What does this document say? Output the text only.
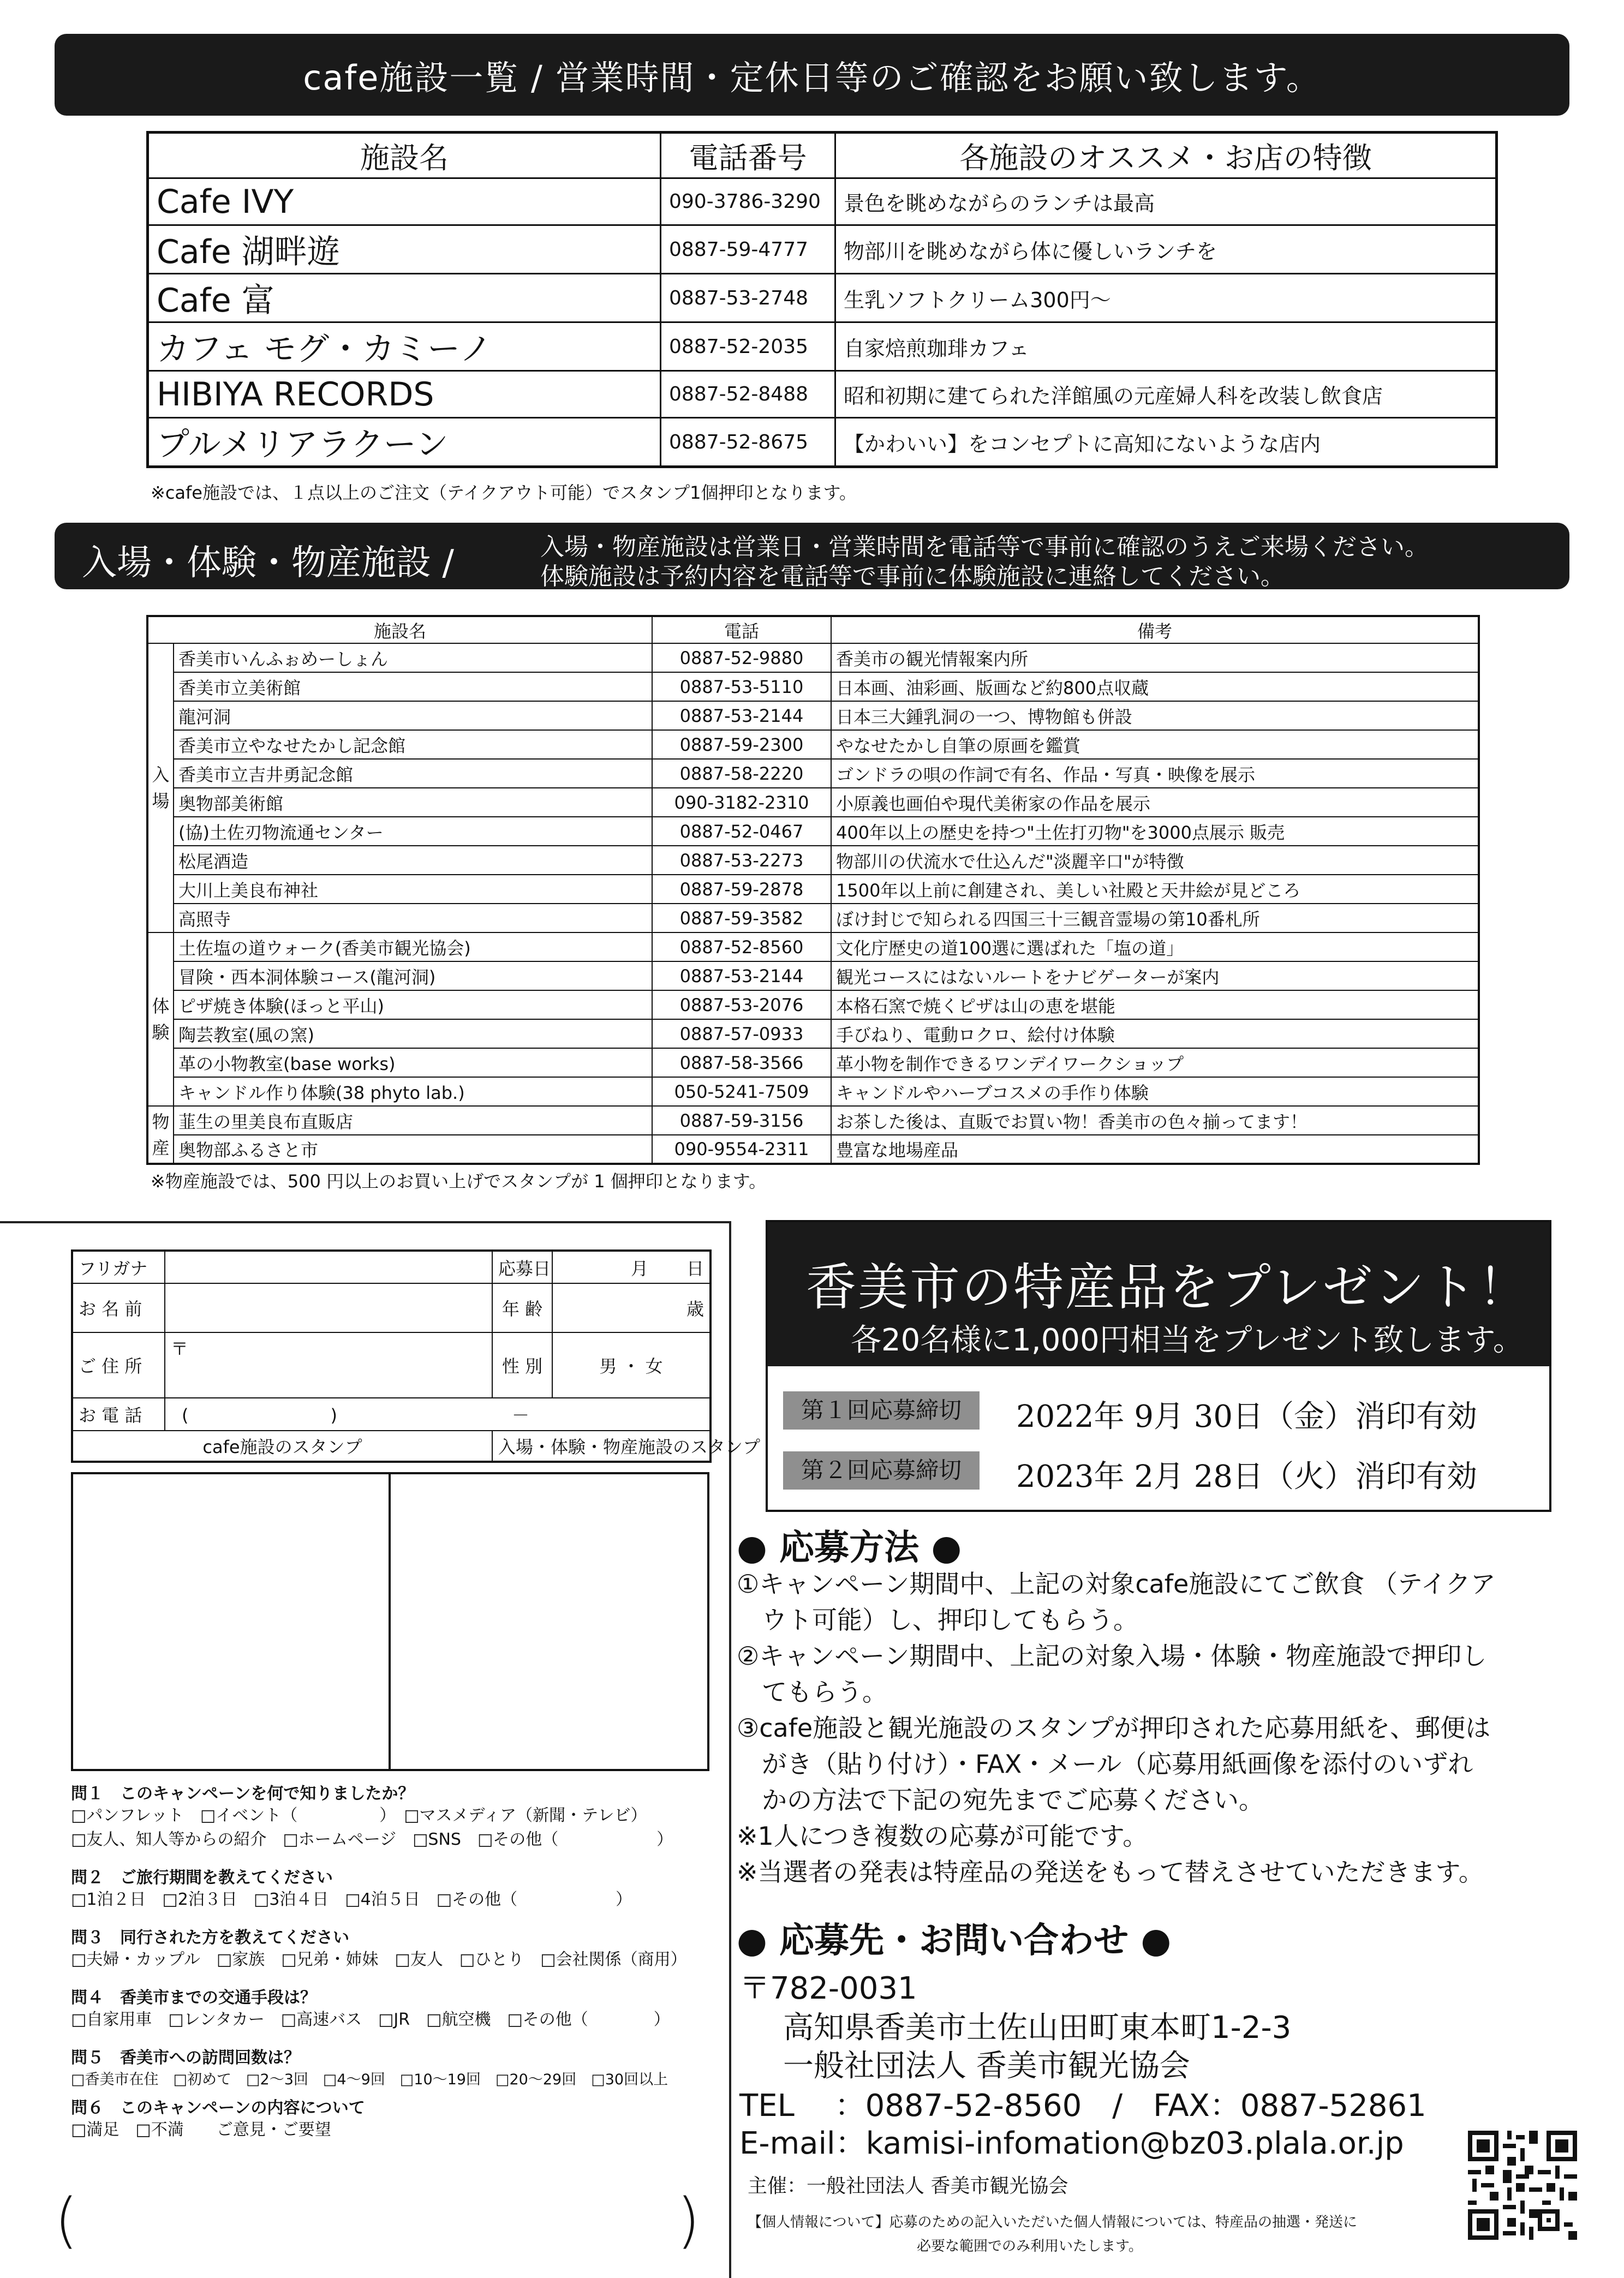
cafe施設一覧 / 営業時間・定休日等のご確認をお願い致します。
施設名	電話番号	各施設のオススメ・お店の特徴
Cafe IVY	090-3786-3290	景色を眺めながらのランチは最高
Cafe 湖畔遊	0887-59-4777	物部川を眺めながら体に優しいランチを
Cafe 富	0887-53-2748	生乳ソフトクリーム300円～
カフェ モグ・カミーノ	0887-52-2035	自家焙煎珈琲カフェ
HIBIYA RECORDS	0887-52-8488	昭和初期に建てられた洋館風の元産婦人科を改装し飲食店
プルメリアラクーン	0887-52-8675	【かわいい】をコンセプトに高知にないような店内
※cafe施設では、１点以上のご注文（テイクアウト可能）でスタンプ1個押印となります。
入場・体験・物産施設 /	入場・物産施設は営業日・営業時間を電話等で事前に確認のうえご来場ください。
体験施設は予約内容を電話等で事前に体験施設に連絡してください。
施設名		電話	備考
入場	香美市いんふぉめーしょん	0887-52-9880	香美市の観光情報案内所
	香美市立美術館	0887-53-5110	日本画、油彩画、版画など約800点収蔵
	龍河洞	0887-53-2144	日本三大鍾乳洞の一つ、博物館も併設
	香美市立やなせたかし記念館	0887-59-2300	やなせたかし自筆の原画を鑑賞
	香美市立吉井勇記念館	0887-58-2220	ゴンドラの唄の作詞で有名、作品・写真・映像を展示
	奥物部美術館	090-3182-2310	小原義也画伯や現代美術家の作品を展示
	(協)土佐刃物流通センター	0887-52-0467	400年以上の歴史を持つ"土佐打刃物"を3000点展示 販売
	松尾酒造	0887-53-2273	物部川の伏流水で仕込んだ"淡麗辛口"が特徴
	大川上美良布神社	0887-59-2878	1500年以上前に創建され、美しい社殿と天井絵が見どころ
	高照寺	0887-59-3582	ぼけ封じで知られる四国三十三観音霊場の第10番札所
体験	土佐塩の道ウォーク(香美市観光協会)	0887-52-8560	文化庁歴史の道100選に選ばれた「塩の道」
	冒険・西本洞体験コース(龍河洞)	0887-53-2144	観光コースにはないルートをナビゲーターが案内
	ピザ焼き体験(ほっと平山)	0887-53-2076	本格石窯で焼くピザは山の恵を堪能
	陶芸教室(風の窯)	0887-57-0933	手びねり、電動ロクロ、絵付け体験
	革の小物教室(base works)	0887-58-3566	革小物を制作できるワンデイワークショップ
	キャンドル作り体験(38 phyto lab.)	050-5241-7509	キャンドルやハーブコスメの手作り体験
物産	韮生の里美良布直販店	0887-59-3156	お茶した後は、直販でお買い物！香美市の色々揃ってます！
	奥物部ふるさと市	090-9554-2311	豊富な地場産品
※物産施設では、500 円以上のお買い上げでスタンプが 1 個押印となります。
フリガナ		応募日	月 日
お 名 前		年 齢	歳
ご 住 所	〒	性 別	男 ・ 女
お 電 話	( ) －		
cafe施設のスタンプ		入場・体験・物産施設のスタンプ	
問１　このキャンペーンを何で知りましたか？
□パンフレット　□イベント（　　　　　）　□マスメディア（新聞・テレビ）
□友人、知人等からの紹介　□ホームページ　□SNS　□その他（　　　　　　）
問２　ご旅行期間を教えてください
□1泊２日　□2泊３日　□3泊４日　□4泊５日　□その他（　　　　　　）
問３　同行された方を教えてください
□夫婦・カップル　□家族　□兄弟・姉妹　□友人　□ひとり　□会社関係（商用）
問４　香美市までの交通手段は？
□自家用車　□レンタカー　□高速バス　□JR　□航空機　□その他（　　　　）
問５　香美市への訪問回数は？
□香美市在住　□初めて　□2～3回　□4～9回　□10～19回　□20～29回　□30回以上
問６　このキャンペーンの内容について
□満足　□不満　　ご意見・ご要望
(	)
香美市の特産品をプレゼント！
各20名様に1,000円相当をプレゼント致します。
第１回応募締切	2022年 9月 30日（金）消印有効
第２回応募締切	2023年 2月 28日（火）消印有効
● 応募方法 ●
①キャンペーン期間中、上記の対象cafe施設にてご飲食 （テイクア
　ウト可能）し、押印してもらう。
②キャンペーン期間中、上記の対象入場・体験・物産施設で押印し
　てもらう。
③cafe施設と観光施設のスタンプが押印された応募用紙を、郵便は
　がき（貼り付け）・FAX・メール（応募用紙画像を添付のいずれ
　かの方法で下記の宛先までご応募ください。
※1人につき複数の応募が可能です。
※当選者の発表は特産品の発送をもって替えさせていただきます。
● 応募先・お問い合わせ ●
〒782-0031
高知県香美市土佐山田町東本町1-2-3
一般社団法人 香美市観光協会
TEL　 ：0887-52-8560　/　FAX：0887-52861
E-mail：kamisi-infomation@bz03.plala.or.jp
主催：一般社団法人 香美市観光協会
【個人情報について】応募のための記入いただいた個人情報については、特産品の抽選・発送に
必要な範囲でのみ利用いたします。
